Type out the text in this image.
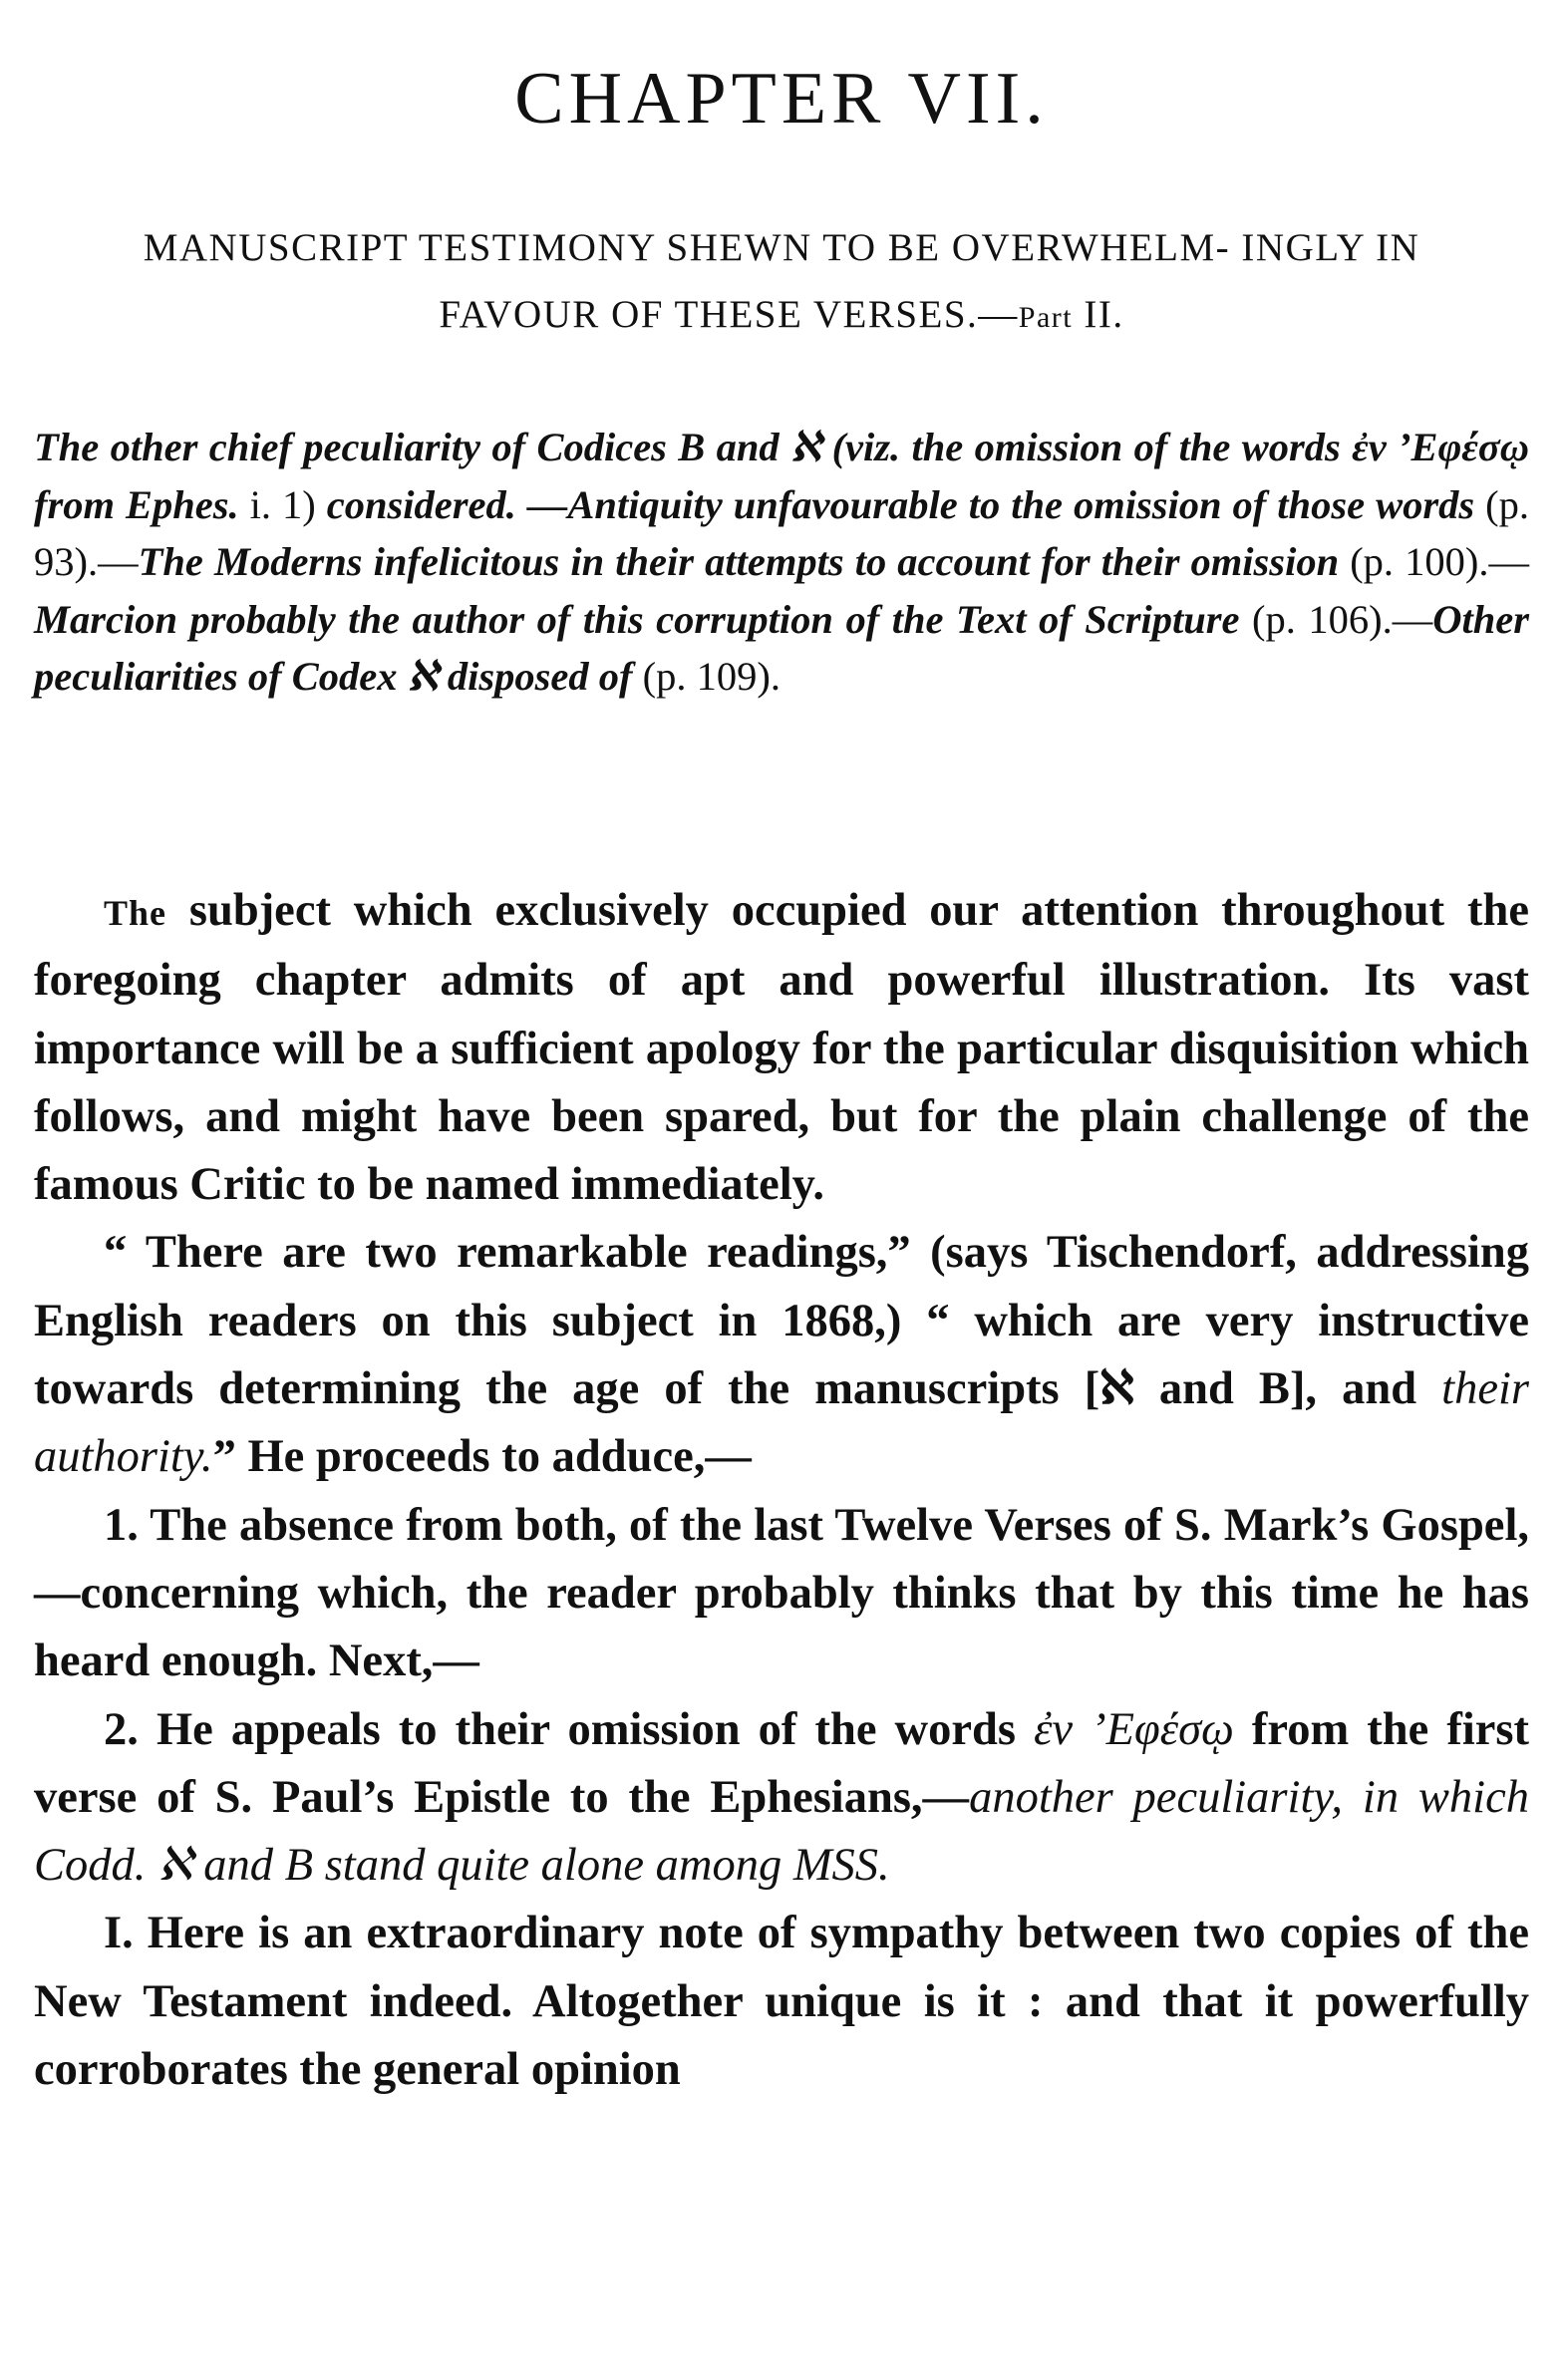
CHAPTER VII.
MANUSCRIPT TESTIMONY SHEWN TO BE OVERWHELM- INGLY IN FAVOUR OF THESE VERSES.—Part II.
The other chief peculiarity of Codices B and ℵ (viz. the omission of the words ἐν ’Εφέσῳ from Ephes. i. 1) considered. —Antiquity unfavourable to the omission of those words (p. 93).—The Moderns infelicitous in their attempts to account for their omission (p. 100).—Marcion probably the author of this corruption of the Text of Scripture (p. 106).—Other peculiarities of Codex ℵ disposed of (p. 109).

The subject which exclusively occupied our attention throughout the foregoing chapter admits of apt and powerful illustration. Its vast importance will be a sufficient apology for the particular disquisition which follows, and might have been spared, but for the plain challenge of the famous Critic to be named immediately.

“ There are two remarkable readings,” (says Tischendorf, addressing English readers on this subject in 1868,) “ which are very instructive towards determining the age of the manuscripts [ℵ and B], and their authority.” He proceeds to adduce,—

1. The absence from both, of the last Twelve Verses of S. Mark’s Gospel,—concerning which, the reader probably thinks that by this time he has heard enough. Next,—

2. He appeals to their omission of the words ἐν ’Εφέσῳ from the first verse of S. Paul’s Epistle to the Ephesians,—another peculiarity, in which Codd. ℵ and B stand quite alone among MSS.

I. Here is an extraordinary note of sympathy between two copies of the New Testament indeed. Altogether unique is it : and that it powerfully corroborates the general opinion
